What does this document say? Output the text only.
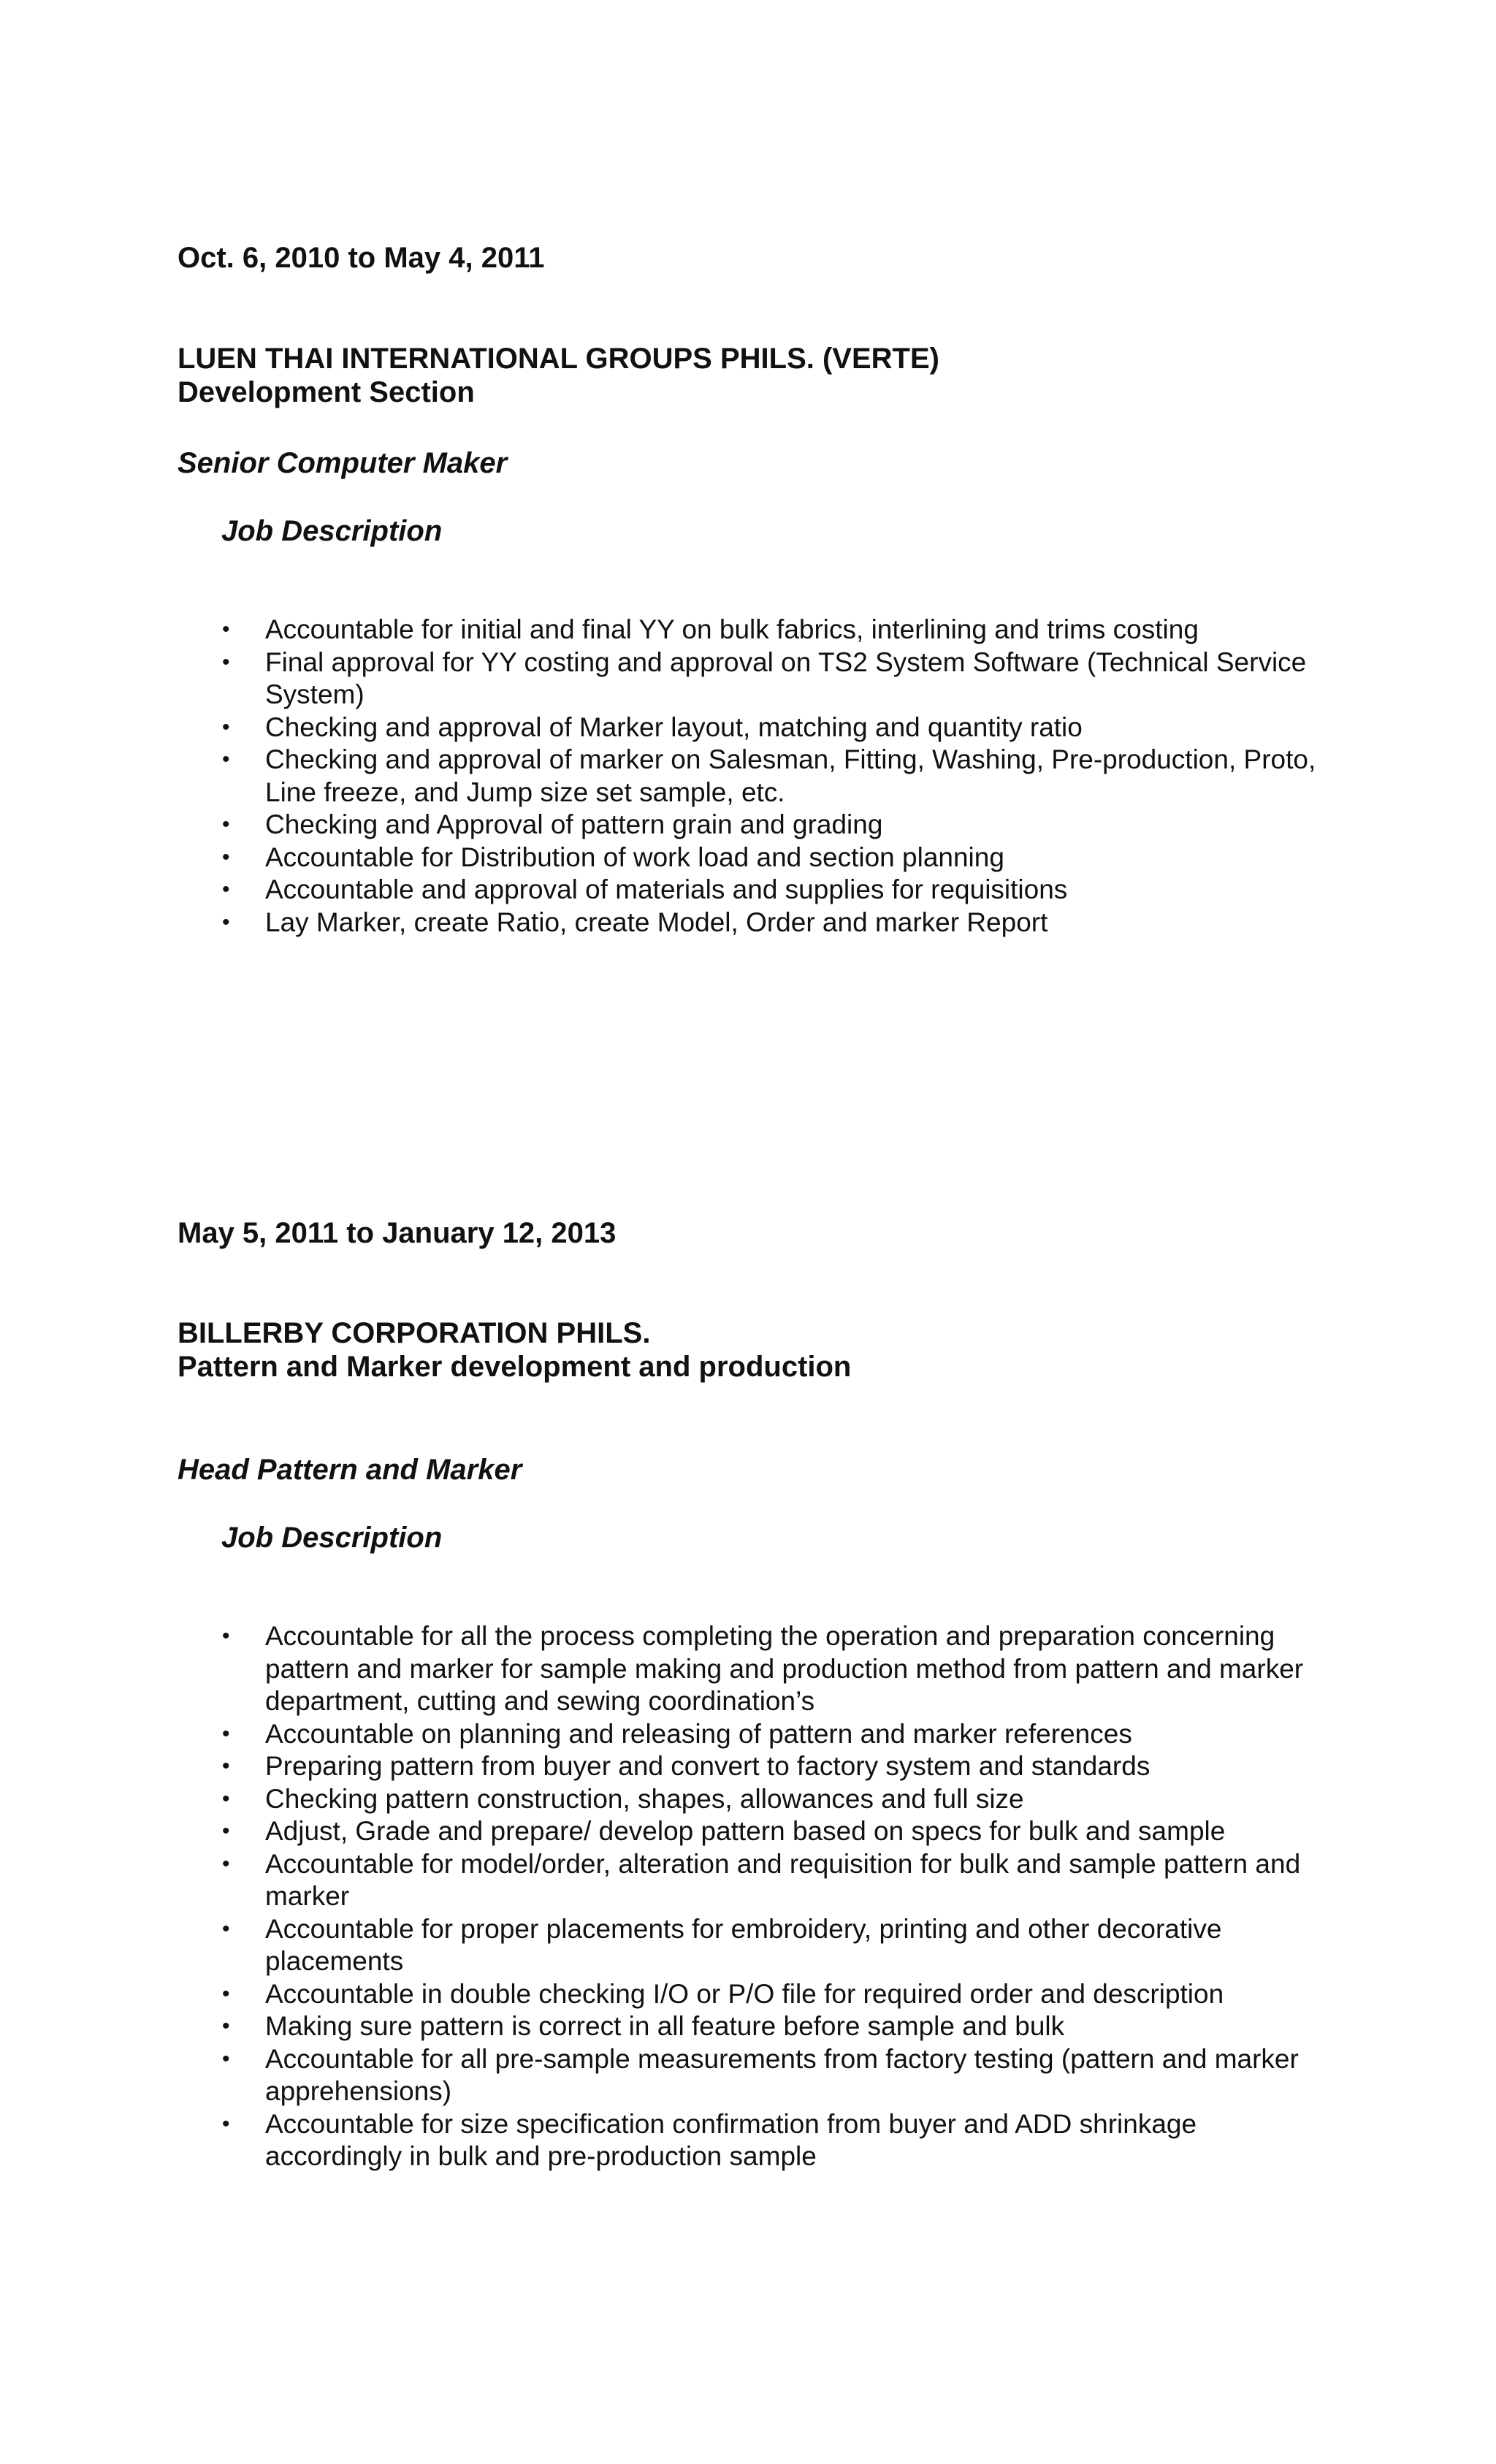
Oct. 6, 2010 to May 4, 2011

LUEN THAI INTERNATIONAL GROUPS PHILS. (VERTE)

Development Section

Senior Computer Maker

Job Description

• Accountable for initial and final YY on bulk fabrics, interlining and trims costing
• Final approval for YY costing and approval on TS2 System Software (Technical Service System)
• Checking and approval of Marker layout, matching and quantity ratio
• Checking and approval of marker on Salesman, Fitting, Washing, Pre-production, Proto, Line freeze, and Jump size set sample, etc.
• Checking and Approval of pattern grain and grading
• Accountable for Distribution of work load and section planning
• Accountable and approval of materials and supplies for requisitions
• Lay Marker, create Ratio, create Model, Order and marker Report

May 5, 2011 to January 12, 2013

BILLERBY CORPORATION PHILS.

Pattern and Marker development and production

Head Pattern and Marker

Job Description

• Accountable for all the process completing the operation and preparation concerning pattern and marker for sample making and production method from pattern and marker department, cutting and sewing coordination’s
• Accountable on planning and releasing of pattern and marker references
• Preparing pattern from buyer and convert to factory system and standards
• Checking pattern construction, shapes, allowances and full size
• Adjust, Grade and prepare/ develop pattern based on specs for bulk and sample
• Accountable for model/order, alteration and requisition for bulk and sample pattern and marker
• Accountable for proper placements for embroidery, printing and other decorative placements
• Accountable in double checking I/O or P/O file for required order and description
• Making sure pattern is correct in all feature before sample and bulk
• Accountable for all pre-sample measurements from factory testing (pattern and marker apprehensions)
• Accountable for size specification confirmation from buyer and ADD shrinkage accordingly in bulk and pre-production sample
